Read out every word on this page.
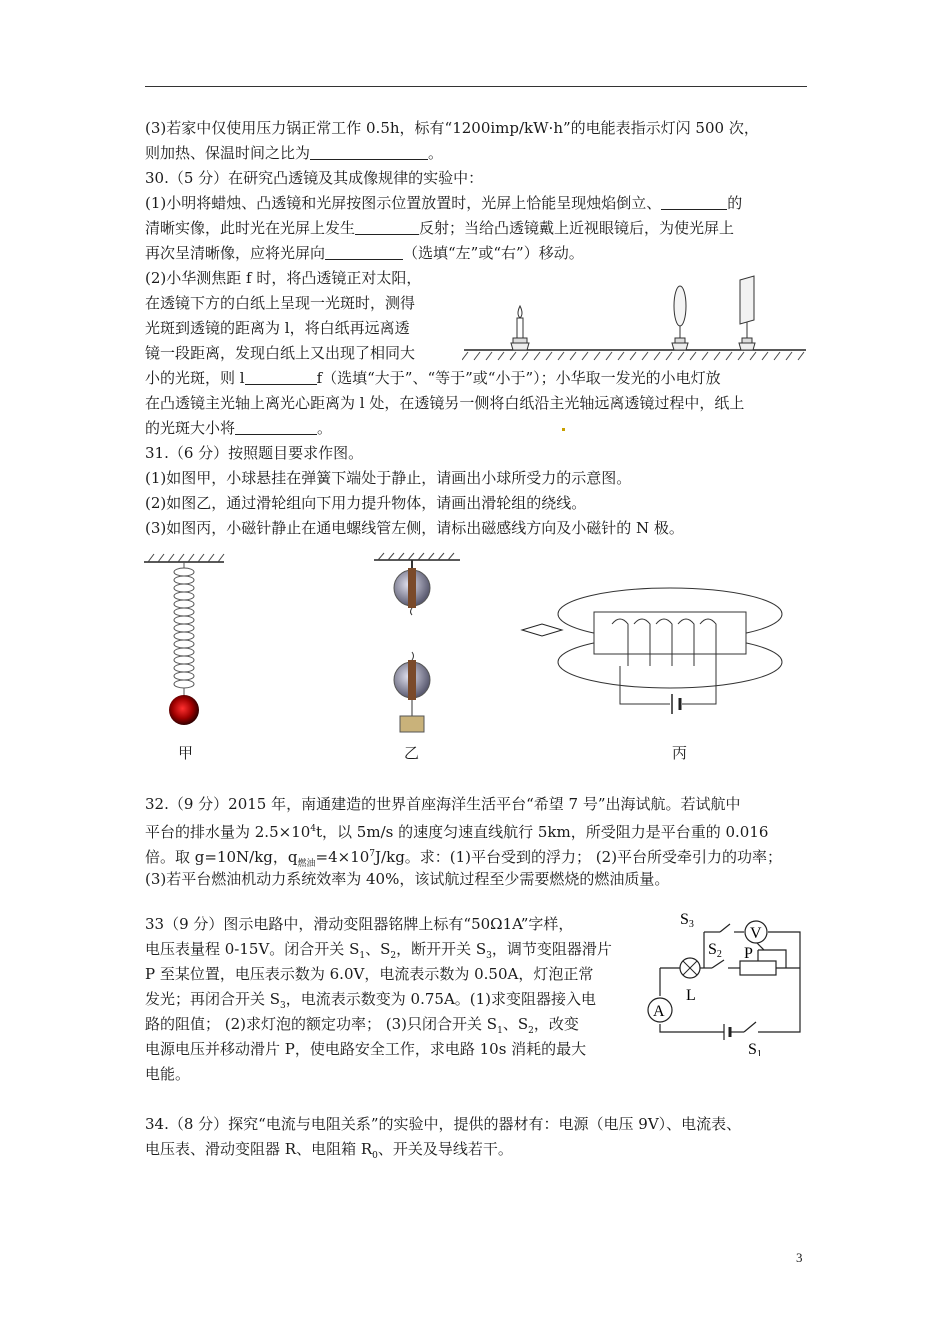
(3)若家中仅使用压力锅正常工作 0.5h，标有“1200imp/kW·h”的电能表指示灯闪 500 次，
则加热、保温时间之比为	。
30.（5 分）在研究凸透镜及其成像规律的实验中：
(1)小明将蜡烛、凸透镜和光屏按图示位置放置时，光屏上恰能呈现烛焰倒立、	的
清晰实像，此时光在光屏上发生	反射；当给凸透镜戴上近视眼镜后，为使光屏上
再次呈清晰像，应将光屏向	（选填“左”或“右”）移动。
(2)小华测焦距 f 时，将凸透镜正对太阳，
在透镜下方的白纸上呈现一光斑时，测得
光斑到透镜的距离为 l，将白纸再远离透
镜一段距离，发现白纸上又出现了相同大
小的光斑，则 l	f（选填“大于”、“等于”或“小于”）；小华取一发光的小电灯放
在凸透镜主光轴上离光心距离为 l 处，在透镜另一侧将白纸沿主光轴远离透镜过程中，纸上
的光斑大小将	。
31.（6 分）按照题目要求作图。
(1)如图甲，小球悬挂在弹簧下端处于静止，请画出小球所受力的示意图。
(2)如图乙，通过滑轮组向下用力提升物体，请画出滑轮组的绕线。
(3)如图丙，小磁针静止在通电螺线管左侧，请标出磁感线方向及小磁针的 N 极。
甲	乙	丙
32.（9 分）2015 年，南通建造的世界首座海洋生活平台“希望 7 号”出海试航。若试航中
平台的排水量为 $2.5\times 10^4t$，以 5m/s 的速度匀速直线航行 5km，所受阻力是平台重的 0.016
倍。取 g=10N/kg，$q_{燃油}=4\times 10^7J/kg$。求：(1)平台受到的浮力； (2)平台所受牵引力的功率；
(3)若平台燃油机动力系统效率为 40%，该试航过程至少需要燃烧的燃油质量。
33（9 分）图示电路中，滑动变阻器铭牌上标有“50Ω1A”字样，
电压表量程 0-15V。闭合开关 $S_1$、$S_2$，断开开关 $S_3$，调节变阻器滑片
P 至某位置，电压表示数为 6.0V，电流表示数为 0.50A，灯泡正常
发光；再闭合开关 $S_3$，电流表示数变为 0.75A。(1)求变阻器接入电
路的阻值； (2)求灯泡的额定功率； (3)只闭合开关 $S_1$、$S_2$，改变
电源电压并移动滑片 P，使电路安全工作，求电路 10s 消耗的最大
电能。
V
A
S3
S2 P
L
S1
34.（8 分）探究“电流与电阻关系”的实验中，提供的器材有：电源（电压 9V）、电流表、
电压表、滑动变阻器 R、电阻箱 $R_0$、开关及导线若干。
3
